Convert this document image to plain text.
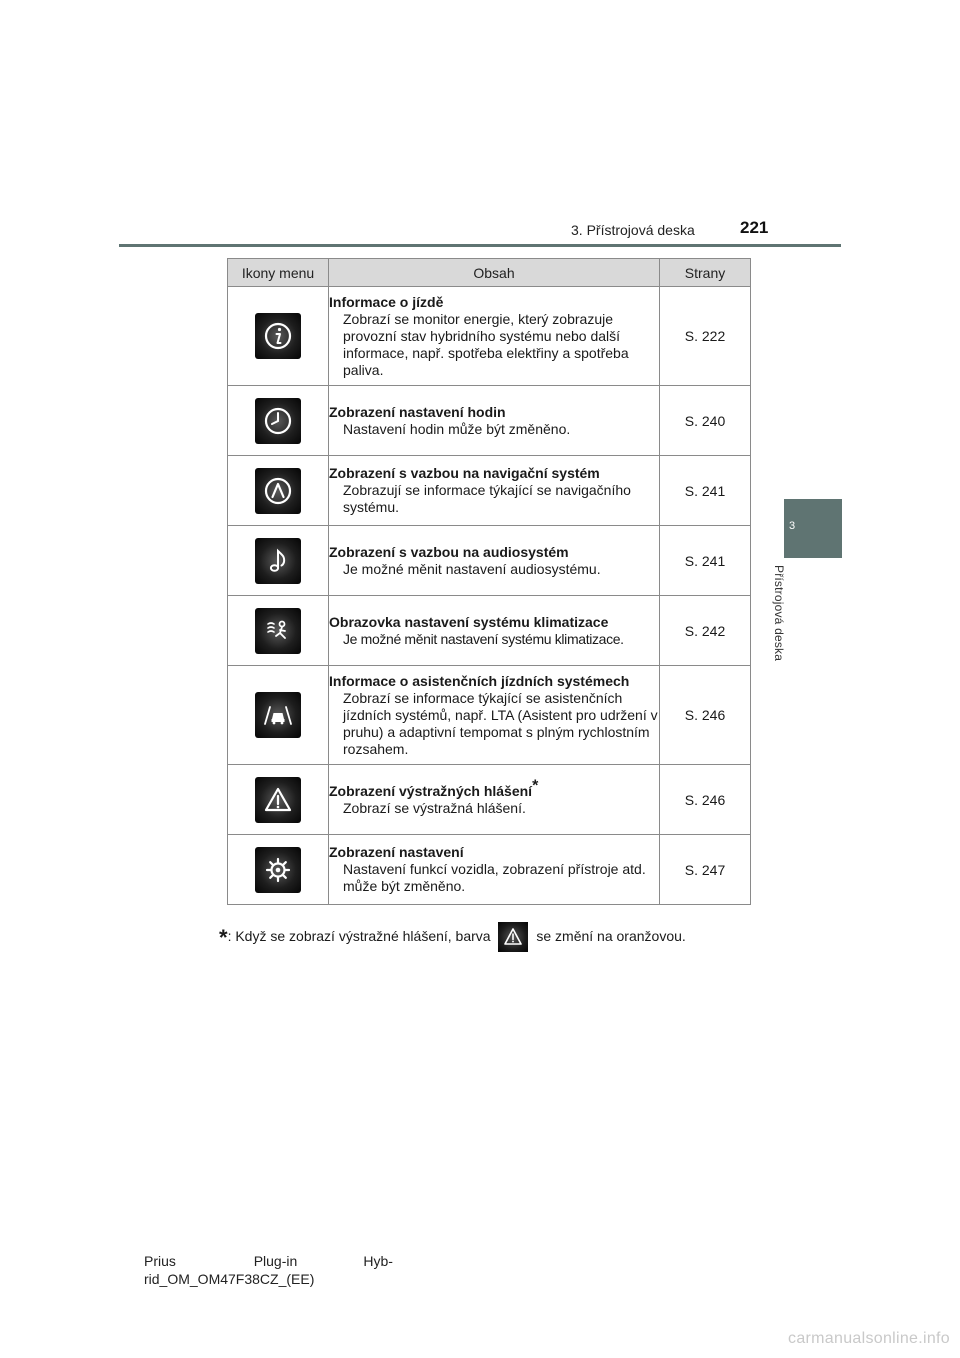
3. Přístrojová deska	221
3
Přístrojová deska
Ikony menu	Obsah	Strany

Informace o jízdě
Zobrazí se monitor energie, který zobrazuje provozní stav hybridního systému nebo další informace, např. spotřeba elektřiny a spotřeba paliva.	S. 222

Zobrazení nastavení hodin
Nastavení hodin může být změněno.	S. 240

Zobrazení s vazbou na navigační systém
Zobrazují se informace týkající se navigačního systému.	S. 241

Zobrazení s vazbou na audiosystém
Je možné měnit nastavení audiosystému.	S. 241

Obrazovka nastavení systému klimatizace
Je možné měnit nastavení systému klimatizace.	S. 242

Informace o asistenčních jízdních systémech
Zobrazí se informace týkající se asistenčních jízdních systémů, např. LTA (Asistent pro udržení v pruhu) a adaptivní tempomat s plným rychlostním rozsahem.	S. 246

Zobrazení výstražných hlášení*
Zobrazí se výstražná hlášení.	S. 246

Zobrazení nastavení
Nastavení funkcí vozidla, zobrazení přístroje atd. může být změněno.	S. 247
*: Když se zobrazí výstražné hlášení, barva	se změní na oranžovou.
Prius                    Plug-in                 Hyb-
rid_OM_OM47F38CZ_(EE)
carmanualsonline.info
